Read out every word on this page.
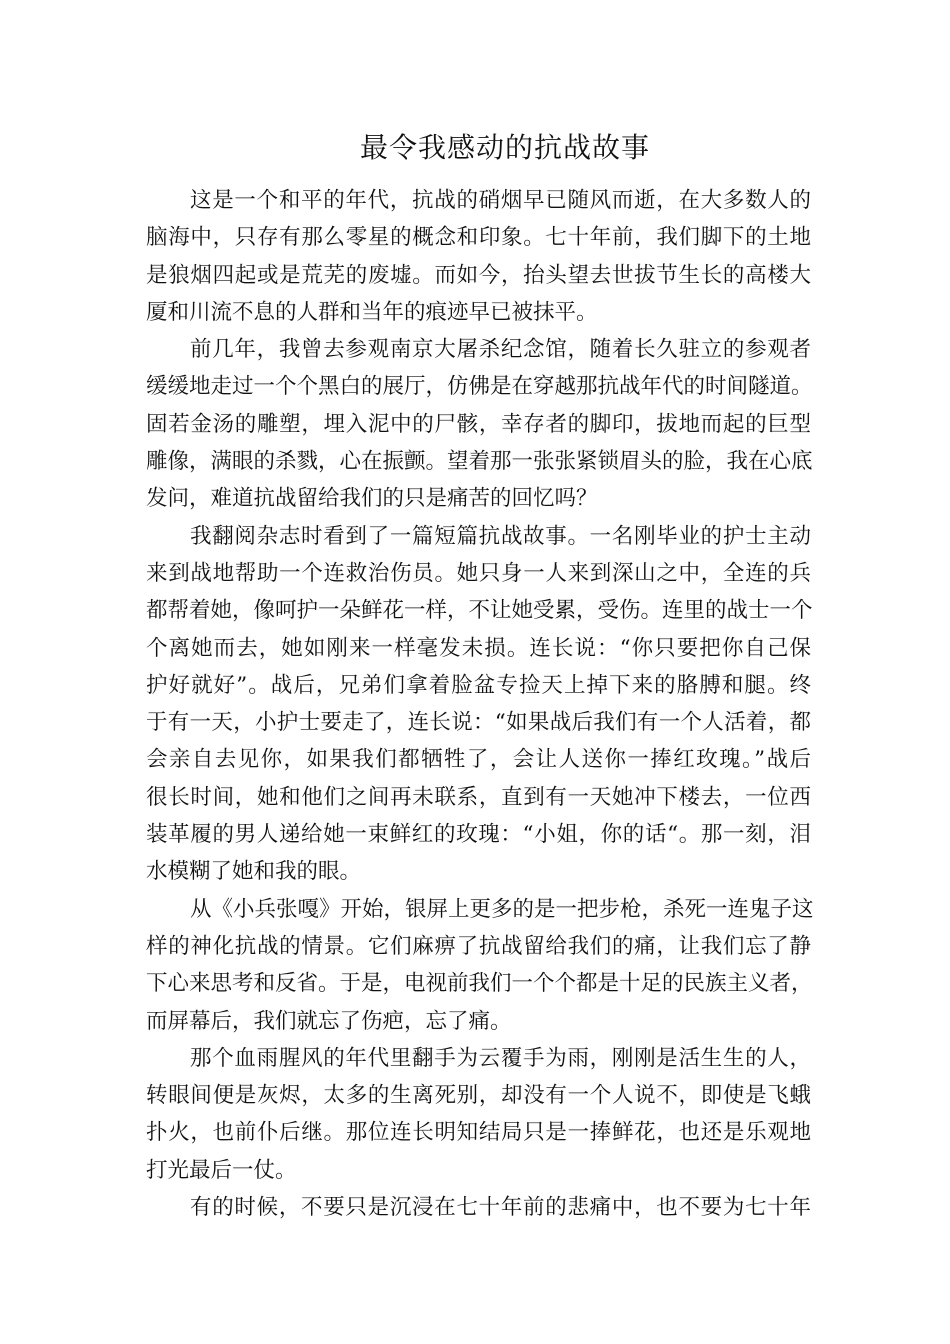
最令我感动的抗战故事
这是一个和平的年代，抗战的硝烟早已随风而逝，在大多数人的
脑海中，只存有那么零星的概念和印象。七十年前，我们脚下的土地
是狼烟四起或是荒芜的废墟。而如今，抬头望去世拔节生长的高楼大
厦和川流不息的人群和当年的痕迹早已被抹平。
前几年，我曾去参观南京大屠杀纪念馆，随着长久驻立的参观者
缓缓地走过一个个黑白的展厅，仿佛是在穿越那抗战年代的时间隧道。
固若金汤的雕塑，埋入泥中的尸骸，幸存者的脚印，拔地而起的巨型
雕像，满眼的杀戮，心在振颤。望着那一张张紧锁眉头的脸，我在心底
发问，难道抗战留给我们的只是痛苦的回忆吗？
我翻阅杂志时看到了一篇短篇抗战故事。一名刚毕业的护士主动
来到战地帮助一个连救治伤员。她只身一人来到深山之中，全连的兵
都帮着她，像呵护一朵鲜花一样，不让她受累，受伤。连里的战士一个
个离她而去，她如刚来一样毫发未损。连长说：“你只要把你自己保
护好就好”。战后，兄弟们拿着脸盆专捡天上掉下来的胳膊和腿。终
于有一天，小护士要走了，连长说：“如果战后我们有一个人活着，都
会亲自去见你，如果我们都牺牲了，会让人送你一捧红玫瑰。”战后
很长时间，她和他们之间再未联系，直到有一天她冲下楼去，一位西
装革履的男人递给她一束鲜红的玫瑰：“小姐，你的话“。那一刻，泪
水模糊了她和我的眼。
从《小兵张嘎》开始，银屏上更多的是一把步枪，杀死一连鬼子这
样的神化抗战的情景。它们麻痹了抗战留给我们的痛，让我们忘了静
下心来思考和反省。于是，电视前我们一个个都是十足的民族主义者，
而屏幕后，我们就忘了伤疤，忘了痛。
那个血雨腥风的年代里翻手为云覆手为雨，刚刚是活生生的人，
转眼间便是灰烬，太多的生离死别，却没有一个人说不，即使是飞蛾
扑火，也前仆后继。那位连长明知结局只是一捧鲜花，也还是乐观地
打光最后一仗。
有的时候，不要只是沉浸在七十年前的悲痛中，也不要为七十年
